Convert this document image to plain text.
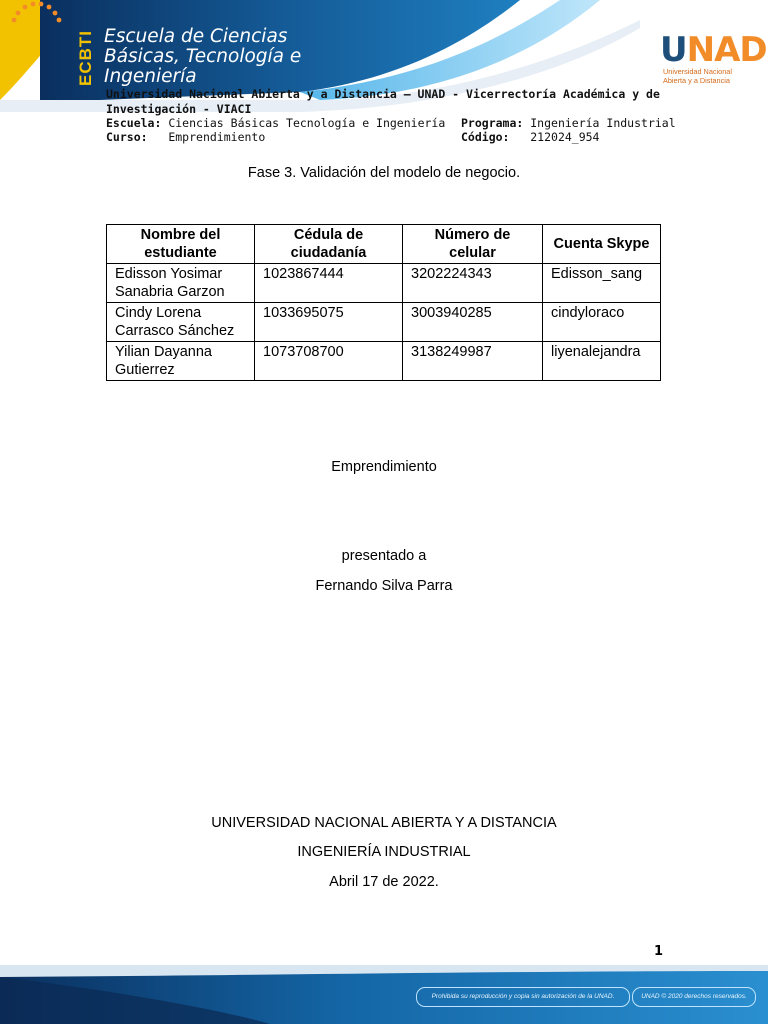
ECBTI Escuela de Ciencias
Básicas, Tecnología e
Ingeniería
UNAD
Universidad Nacional
Abierta y a Distancia
Universidad Nacional Abierta y a Distancia – UNAD - Vicerrectoría Académica y de
Investigación - VIACI
Escuela: Ciencias Básicas Tecnología e Ingeniería Programa: Ingeniería Industrial
Curso: Emprendimiento	Código: 212024_954
Fase 3. Validación del modelo de negocio.
Nombre del estudiante	Cédula de ciudadanía	Número de celular	Cuenta Skype
Edisson Yosimar Sanabria Garzon	1023867444	3202224343	Edisson_sang
Cindy Lorena Carrasco Sánchez	1033695075	3003940285	cindyloraco
Yilian Dayanna Gutierrez	1073708700	3138249987	liyenalejandra
Emprendimiento
presentado a
Fernando Silva Parra
UNIVERSIDAD NACIONAL ABIERTA Y A DISTANCIA
INGENIERÍA INDUSTRIAL
Abril 17 de 2022.
1
Prohibida su reproducción y copia sin autorización de la UNAD.	UNAD © 2020 derechos reservados.
